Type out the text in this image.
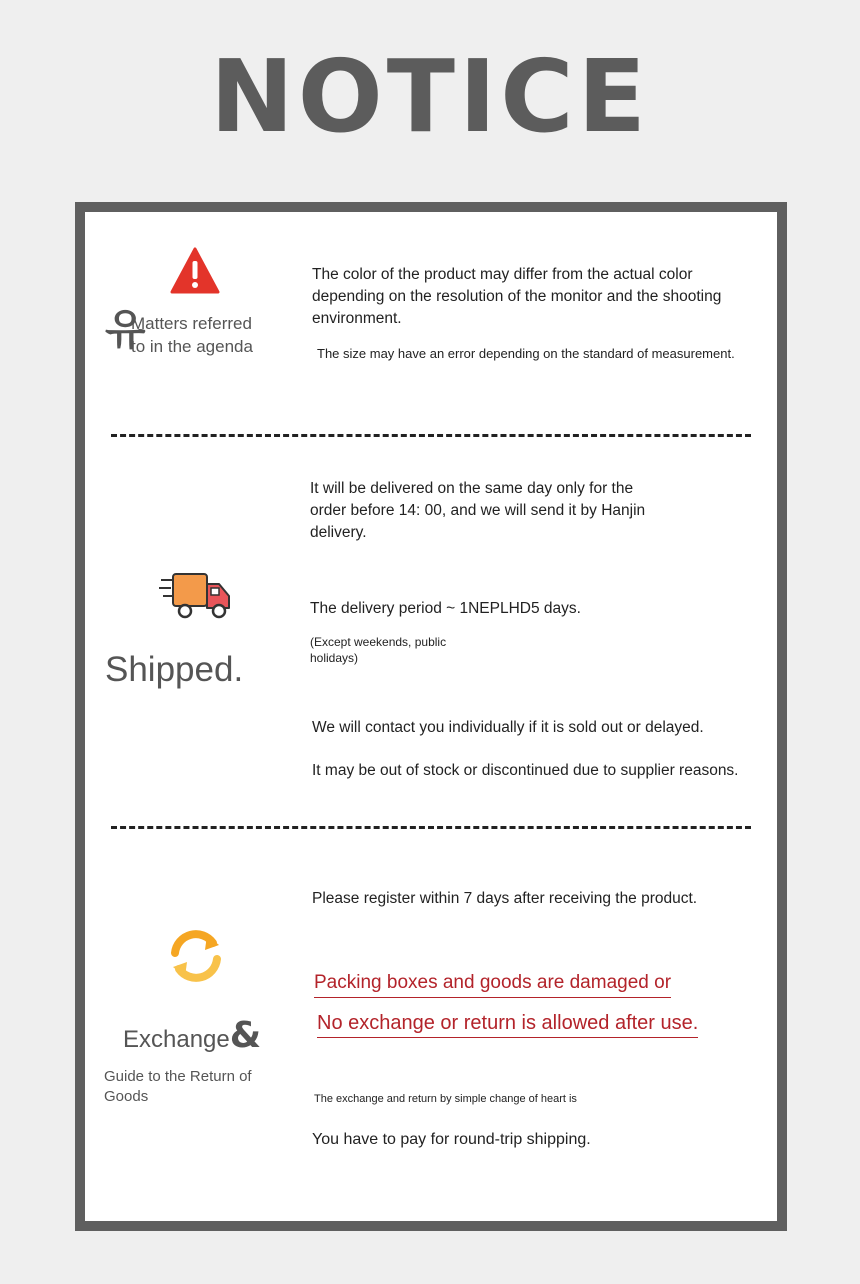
NOTICE
유
Matters referred
to in the agenda
The color of the product may differ from the actual color depending on the resolution of the monitor and the shooting environment.
The size may have an error depending on the standard of measurement.
It will be delivered on the same day only for the order before 14: 00, and we will send it by Hanjin delivery.
The delivery period ~ 1NEPLHD5 days.
(Except weekends, public holidays)
Shipped.
We will contact you individually if it is sold out or delayed.
It may be out of stock or discontinued due to supplier reasons.
Please register within 7 days after receiving the product.
Packing boxes and goods are damaged or
No exchange or return is allowed after use.
Exchange&
Guide to the Return of Goods	The exchange and return by simple change of heart is
You have to pay for round-trip shipping.
